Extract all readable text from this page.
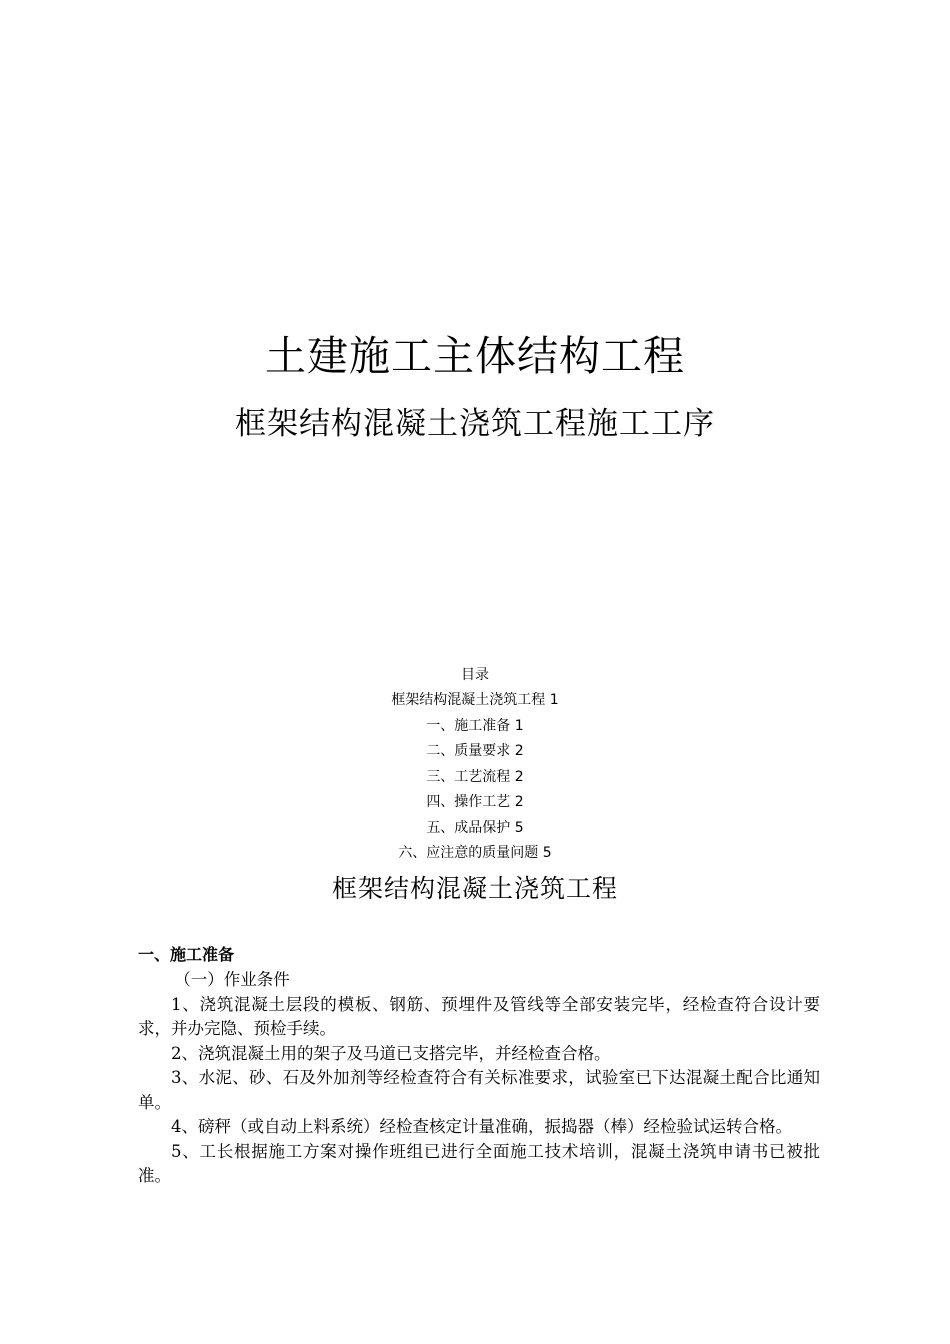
土建施工主体结构工程
框架结构混凝土浇筑工程施工工序
目录
框架结构混凝土浇筑工程 1
一、施工准备 1
二、质量要求 2
三、工艺流程 2
四、操作工艺 2
五、成品保护 5
六、应注意的质量问题 5
框架结构混凝土浇筑工程
一、施工准备

（一）作业条件

1、浇筑混凝土层段的模板、钢筋、预埋件及管线等全部安装完毕，经检查符合设计要求，并办完隐、预检手续。

2、浇筑混凝土用的架子及马道已支搭完毕，并经检查合格。

3、水泥、砂、石及外加剂等经检查符合有关标准要求，试验室已下达混凝土配合比通知单。

4、磅秤（或自动上料系统）经检查核定计量准确，振捣器（棒）经检验试运转合格。

5、工长根据施工方案对操作班组已进行全面施工技术培训，混凝土浇筑申请书已被批准。
